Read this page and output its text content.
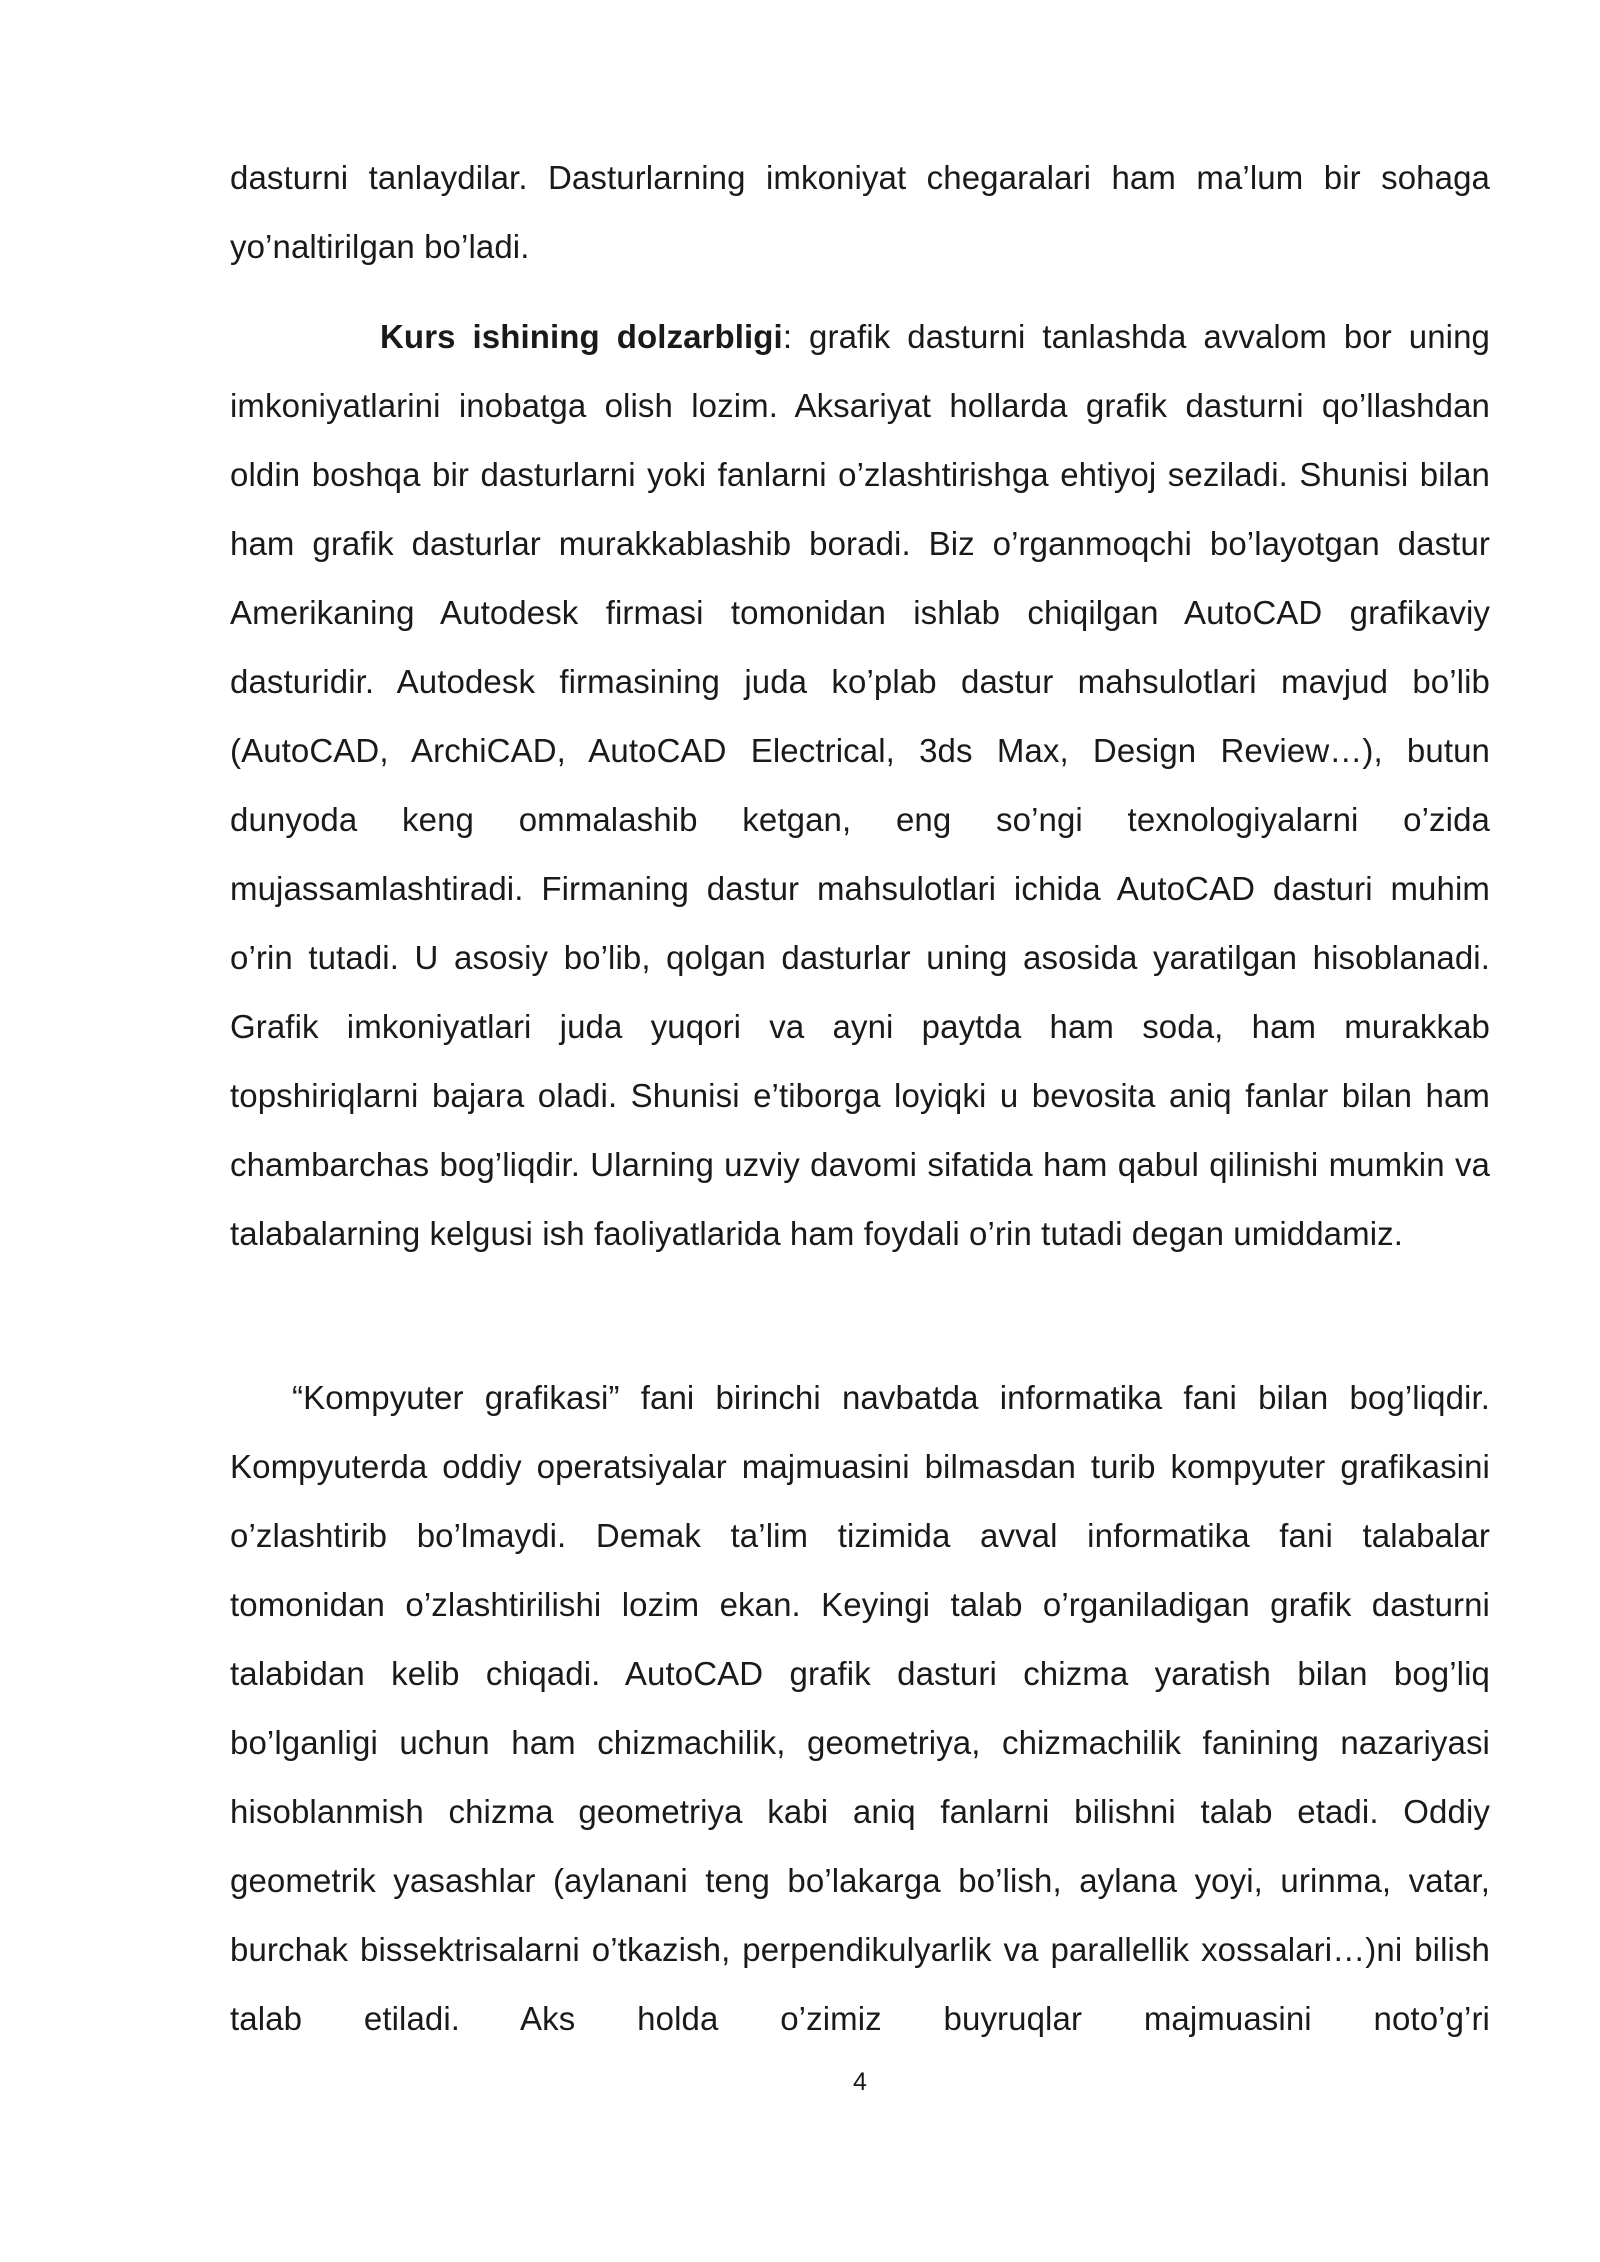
dasturni tanlaydilar. Dasturlarning imkoniyat chegaralari ham ma’lum bir sohaga yo’naltirilgan bo’ladi.

Kurs ishining dolzarbligi: grafik dasturni tanlashda avvalom bor uning imkoniyatlarini inobatga olish lozim. Aksariyat hollarda grafik dasturni qo’llashdan oldin boshqa bir dasturlarni yoki fanlarni o’zlashtirishga ehtiyoj seziladi. Shunisi bilan ham grafik dasturlar murakkablashib boradi. Biz o’rganmoqchi bo’layotgan dastur Amerikaning Autodesk firmasi tomonidan ishlab chiqilgan AutoCAD grafikaviy dasturidir. Autodesk firmasining juda ko’plab dastur mahsulotlari mavjud bo’lib (AutoCAD, ArchiCAD, AutoCAD Electrical, 3ds Max, Design Review…), butun dunyoda keng ommalashib ketgan, eng so’ngi texnologiyalarni o’zida mujassamlashtiradi. Firmaning dastur mahsulotlari ichida AutoCAD dasturi muhim o’rin tutadi. U asosiy bo’lib, qolgan dasturlar uning asosida yaratilgan hisoblanadi. Grafik imkoniyatlari juda yuqori va ayni paytda ham soda, ham murakkab topshiriqlarni bajara oladi. Shunisi e’tiborga loyiqki u bevosita aniq fanlar bilan ham chambarchas bog’liqdir. Ularning uzviy davomi sifatida ham qabul qilinishi mumkin va talabalarning kelgusi ish faoliyatlarida ham foydali o’rin tutadi degan umiddamiz.

“Kompyuter grafikasi” fani birinchi navbatda informatika fani bilan bog’liqdir. Kompyuterda oddiy operatsiyalar majmuasini bilmasdan turib kompyuter grafikasini o’zlashtirib bo’lmaydi. Demak ta’lim tizimida avval informatika fani talabalar tomonidan o’zlashtirilishi lozim ekan. Keyingi talab o’rganiladigan grafik dasturni talabidan kelib chiqadi. AutoCAD grafik dasturi chizma yaratish bilan bog’liq bo’lganligi uchun ham chizmachilik, geometriya, chizmachilik fanining nazariyasi hisoblanmish chizma geometriya kabi aniq fanlarni bilishni talab etadi. Oddiy geometrik yasashlar (aylanani teng bo’lakarga bo’lish, aylana yoyi, urinma, vatar, burchak bissektrisalarni o’tkazish, perpendikulyarlik va parallellik xossalari…)ni bilish talab etiladi. Aks holda o’zimiz buyruqlar majmuasini noto’g’ri

4
